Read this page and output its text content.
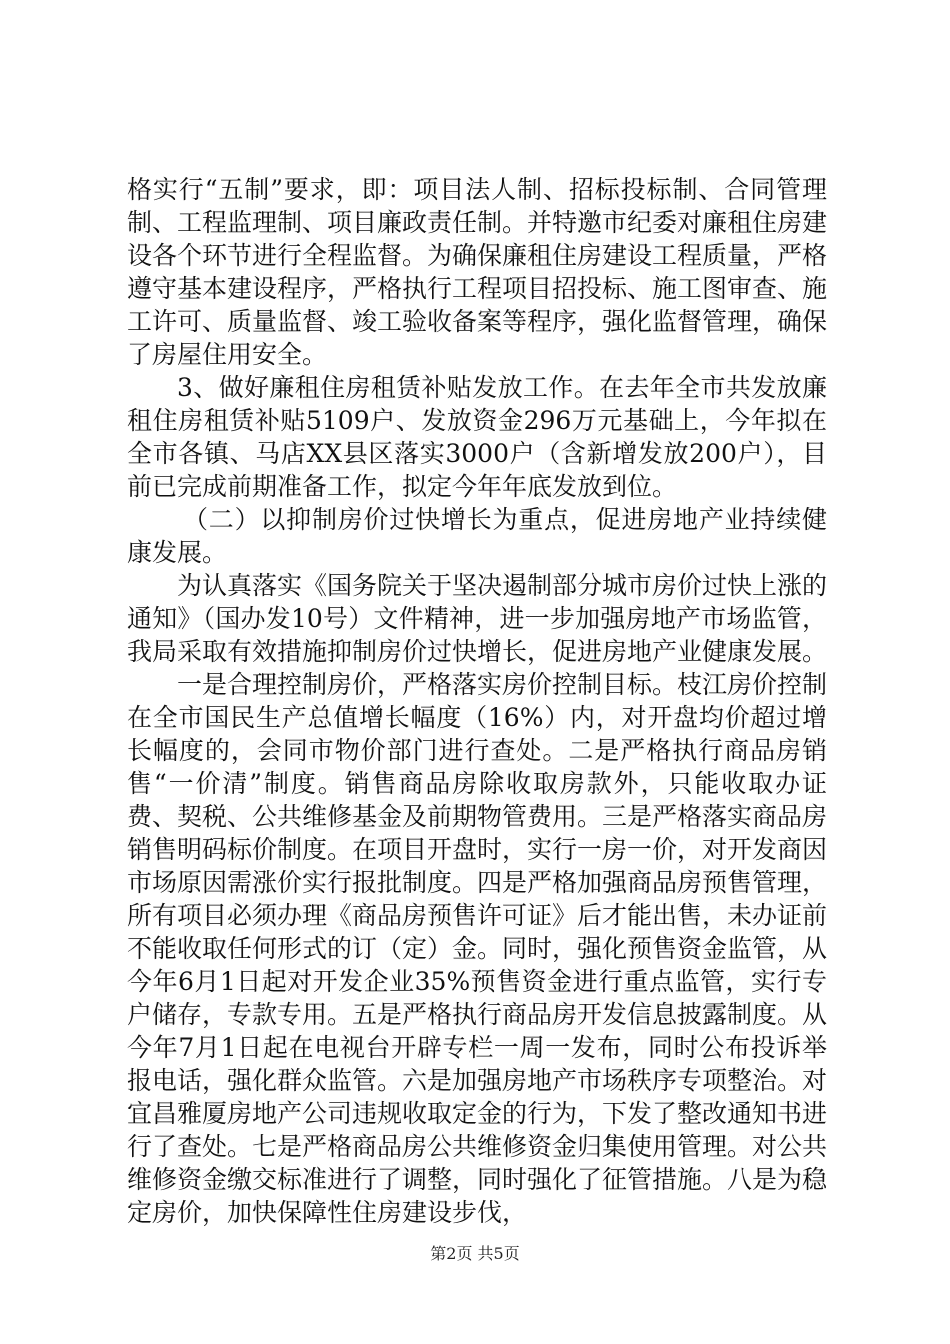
格实行“五制”要求，即：项目法人制、招标投标制、合同管理制、工程监理制、项目廉政责任制。并特邀市纪委对廉租住房建设各个环节进行全程监督。为确保廉租住房建设工程质量，严格遵守基本建设程序，严格执行工程项目招投标、施工图审查、施工许可、质量监督、竣工验收备案等程序，强化监督管理，确保了房屋住用安全。

3、做好廉租住房租赁补贴发放工作。在去年全市共发放廉租住房租赁补贴5109户、发放资金296万元基础上，今年拟在全市各镇、马店XX县区落实3000户（含新增发放200户），目前已完成前期准备工作，拟定今年年底发放到位。

（二）以抑制房价过快增长为重点，促进房地产业持续健康发展。

为认真落实《国务院关于坚决遏制部分城市房价过快上涨的通知》（国办发10号）文件精神，进一步加强房地产市场监管，我局采取有效措施抑制房价过快增长，促进房地产业健康发展。

一是合理控制房价，严格落实房价控制目标。枝江房价控制在全市国民生产总值增长幅度（16%）内，对开盘均价超过增长幅度的，会同市物价部门进行查处。二是严格执行商品房销售“一价清”制度。销售商品房除收取房款外，只能收取办证费、契税、公共维修基金及前期物管费用。三是严格落实商品房销售明码标价制度。在项目开盘时，实行一房一价，对开发商因市场原因需涨价实行报批制度。四是严格加强商品房预售管理，所有项目必须办理《商品房预售许可证》后才能出售，未办证前不能收取任何形式的订（定）金。同时，强化预售资金监管，从今年6月1日起对开发企业35%预售资金进行重点监管，实行专户储存，专款专用。五是严格执行商品房开发信息披露制度。从今年7月1日起在电视台开辟专栏一周一发布，同时公布投诉举报电话，强化群众监管。六是加强房地产市场秩序专项整治。对宜昌雅厦房地产公司违规收取定金的行为，下发了整改通知书进行了查处。七是严格商品房公共维修资金归集使用管理。对公共维修资金缴交标准进行了调整，同时强化了征管措施。八是为稳定房价，加快保障性住房建设步伐，

第2页 共5页
